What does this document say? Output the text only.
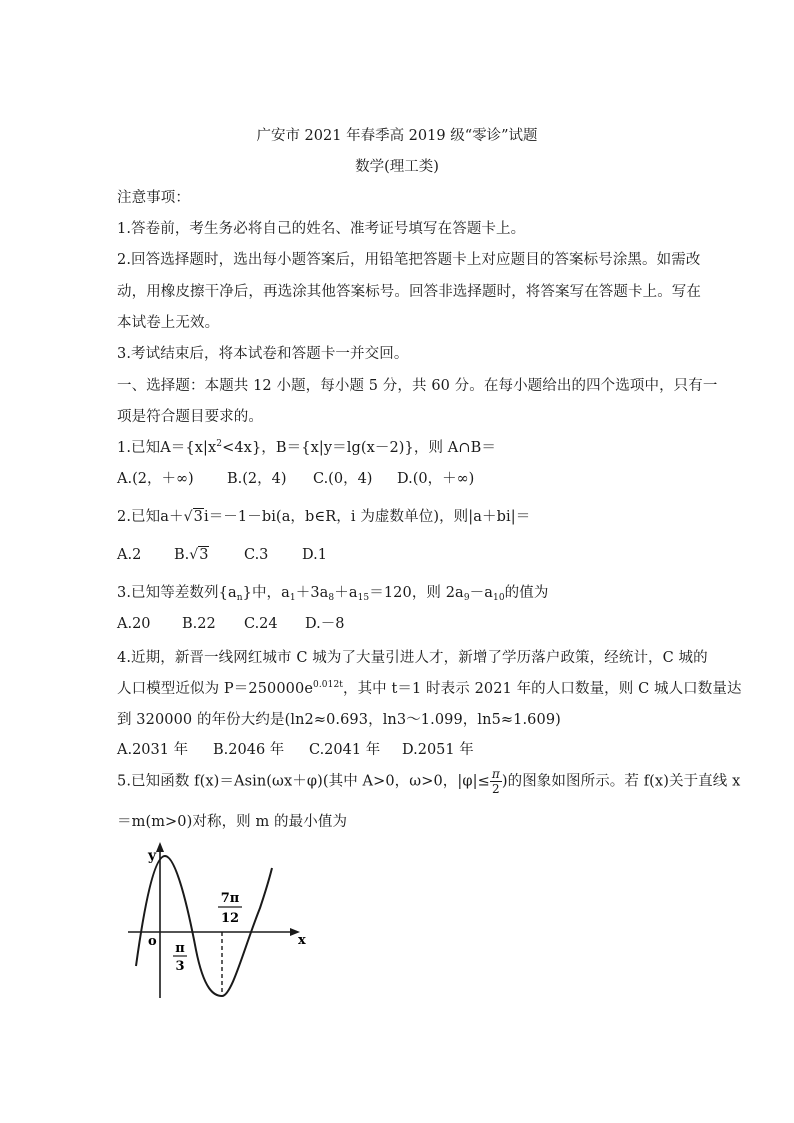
广安市 2021 年春季高 2019 级“零诊”试题
数学(理工类)
注意事项：
1.答卷前，考生务必将自己的姓名、准考证号填写在答题卡上。
2.回答选择题时，选出每小题答案后，用铅笔把答题卡上对应题目的答案标号涂黑。如需改
动，用橡皮擦干净后，再选涂其他答案标号。回答非选择题时，将答案写在答题卡上。写在
本试卷上无效。
3.考试结束后，将本试卷和答题卡一并交回。
一、选择题：本题共 12 小题，每小题 5 分，共 60 分。在每小题给出的四个选项中，只有一
项是符合题目要求的。
1.已知$A=\{x|x^2<4x\}$，B＝{x|y＝lg(x－2)}，则 A∩B＝
A.(2，＋∞) B.(2，4) C.(0，4) D.(0，＋∞)
2.已知a＋√3i＝－1－bi(a，b∈R，i 为虚数单位)，则|a＋bi|＝
A.2 B.√3 C.3 D.1
3.已知等差数列$\{a_n\}$中，$a_1+3a_8+a_{15}=120$，则 $2a_9-a_{10}$的值为
A.20 B.22 C.24 D.－8
4.近期，新晋一线网红城市 C 城为了大量引进人才，新增了学历落户政策，经统计，C 城的
人口模型近似为 $P=250000e^{0.012t}$，其中 t＝1 时表示 2021 年的人口数量，则 C 城人口数量达
到 320000 的年份大约是(ln2≈0.693，ln3～1.099，ln5≈1.609)
A.2031 年 B.2046 年 C.2041 年 D.2051 年
5.已知函数 f(x)＝Asin(ωx＋φ)(其中 A>0，ω>0，$|\varphi|\le \frac{\pi}{2}$ )的图象如图所示。若 f(x)关于直线 x
＝m(m>0)对称，则 m 的最小值为
y
x
o π
3
7π
12
